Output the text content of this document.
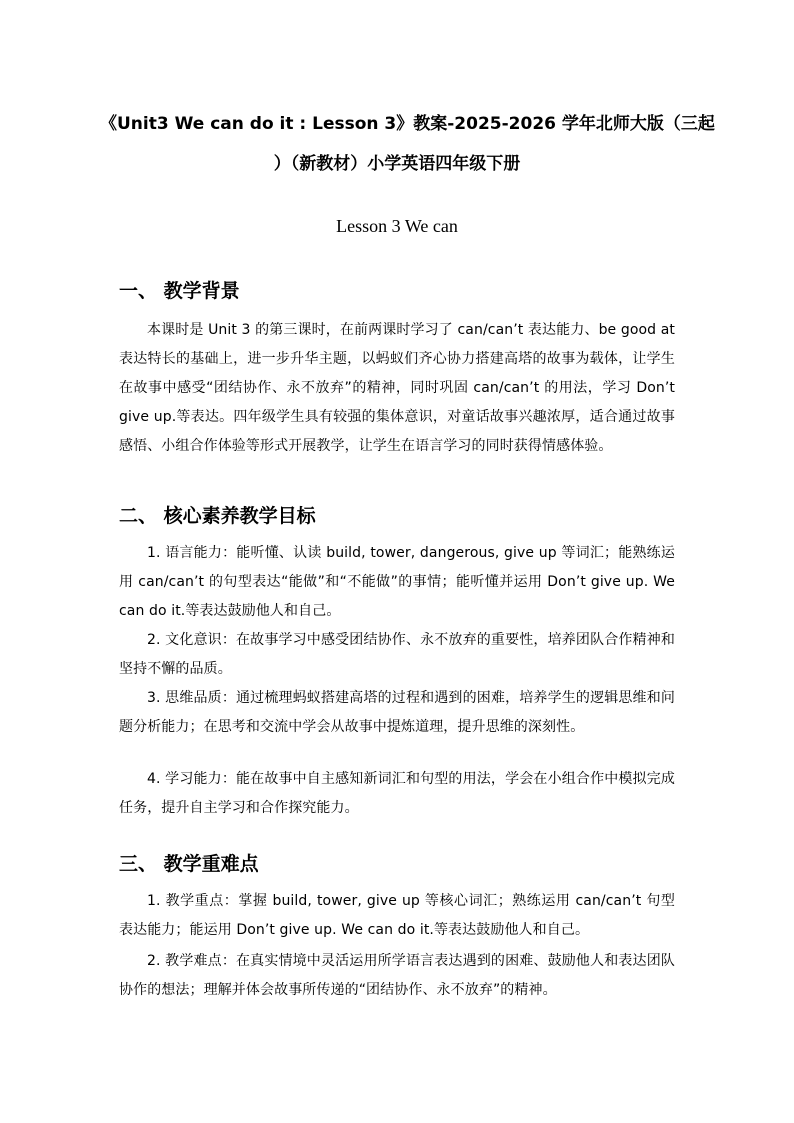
《Unit3 We can do it : Lesson 3》教案-2025-2026 学年北师大版（三起
）（新教材）小学英语四年级下册
Lesson 3 We can
一、 教学背景
本课时是 Unit 3 的第三课时，在前两课时学习了 can/can’t 表达能力、be good at 表达特长的基础上，进一步升华主题，以蚂蚁们齐心协力搭建高塔的故事为载体，让学生在故事中感受“团结协作、永不放弃”的精神，同时巩固 can/can’t 的用法，学习 Don’t give up.等表达。四年级学生具有较强的集体意识，对童话故事兴趣浓厚，适合通过故事感悟、小组合作体验等形式开展教学，让学生在语言学习的同时获得情感体验。
二、 核心素养教学目标
1. 语言能力：能听懂、认读 build, tower, dangerous, give up 等词汇；能熟练运用 can/can’t 的句型表达“能做”和“不能做”的事情；能听懂并运用 Don’t give up. We can do it.等表达鼓励他人和自己。
2. 文化意识：在故事学习中感受团结协作、永不放弃的重要性，培养团队合作精神和坚持不懈的品质。
3. 思维品质：通过梳理蚂蚁搭建高塔的过程和遇到的困难，培养学生的逻辑思维和问题分析能力；在思考和交流中学会从故事中提炼道理，提升思维的深刻性。
4. 学习能力：能在故事中自主感知新词汇和句型的用法，学会在小组合作中模拟完成任务，提升自主学习和合作探究能力。
三、 教学重难点
1. 教学重点：掌握 build, tower, give up 等核心词汇；熟练运用 can/can’t 句型表达能力；能运用 Don’t give up. We can do it.等表达鼓励他人和自己。
2. 教学难点：在真实情境中灵活运用所学语言表达遇到的困难、鼓励他人和表达团队协作的想法；理解并体会故事所传递的“团结协作、永不放弃”的精神。
